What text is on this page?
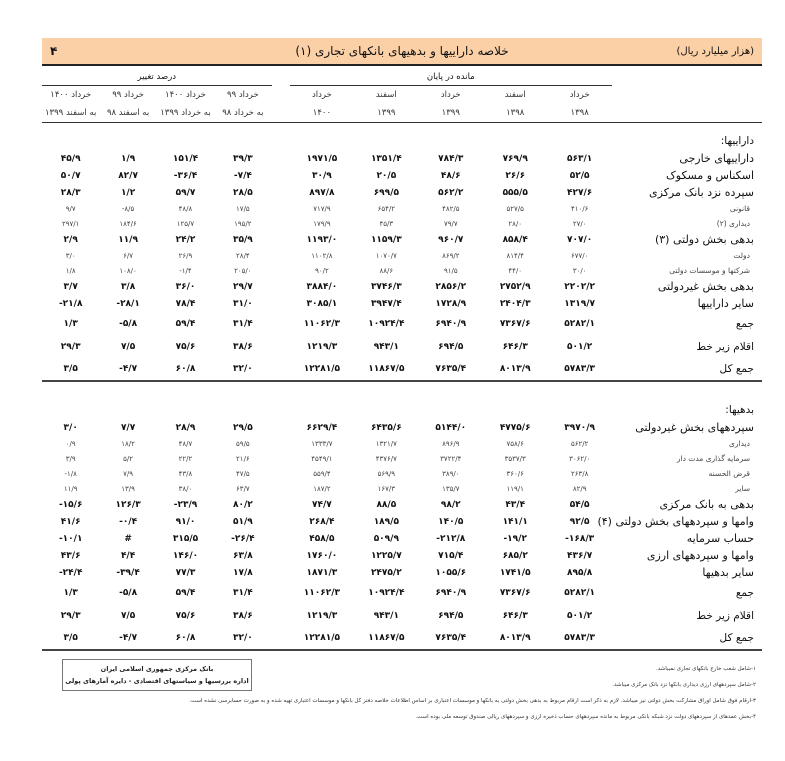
۴	خلاصه داراییها و بدهیهای بانکهای تجاری (۱)	(هزار میلیارد ریال)
درصد تغییر					مانده در پایان					

خرداد ۱۴۰۰	خرداد ۹۹	خرداد ۱۴۰۰	خرداد ۹۹		خرداد	اسفند	خرداد	اسفند	خرداد	
به اسفند ۱۳۹۹	به اسفند ۹۸	به خرداد ۱۳۹۹	به خرداد ۹۸		۱۴۰۰	۱۳۹۹	۱۳۹۹	۱۳۹۸	۱۳۹۸	

										داراییها:
۴۵/۹	۱/۹	۱۵۱/۴	۳۹/۳		۱۹۷۱/۵	۱۳۵۱/۴	۷۸۴/۳	۷۶۹/۹	۵۶۳/۱	داراییهای خارجی
۵۰/۷	۸۲/۷	-۳۶/۴	-۷/۴		۳۰/۹	۲۰/۵	۴۸/۶	۲۶/۶	۵۲/۵	اسکناس و مسکوک
۲۸/۳	۱/۲	۵۹/۷	۲۸/۵		۸۹۷/۸	۶۹۹/۵	۵۶۲/۲	۵۵۵/۵	۴۲۷/۶	سپرده نزد بانک مرکزی
۹/۷	-۸/۵	۴۸/۸	۱۷/۵		۷۱۷/۹	۶۵۴/۲	۴۸۲/۵	۵۲۷/۵	۴۱۰/۶	قانونی
۲۹۷/۱	۱۸۴/۶	۱۲۵/۷	۱۹۵/۲		۱۷۹/۹	۴۵/۳	۷۹/۷	۲۸/۰	۲۷/۰	دیداری (۲)
۲/۹	۱۱/۹	۲۴/۲	۳۵/۹		۱۱۹۳/۰	۱۱۵۹/۳	۹۶۰/۷	۸۵۸/۴	۷۰۷/۰	بدهی بخش دولتی (۳)
۳/۰	۶/۷	۲۶/۹	۲۸/۴		۱۱۰۲/۸	۱۰۷۰/۷	۸۶۹/۲	۸۱۴/۴	۶۷۷/۰	دولت
۱/۸	۱۰۸/۰	-۱/۴	۲۰۵/۰		۹۰/۲	۸۸/۶	۹۱/۵	۴۴/۰	۳۰/۰	شرکتها و موسسات دولتی
۳/۷	۳/۸	۳۶/۰	۲۹/۷		۳۸۸۴/۰	۳۷۴۶/۳	۲۸۵۶/۲	۲۷۵۲/۹	۲۲۰۲/۲	بدهی بخش غیردولتی
-۲۱/۸	-۲۸/۱	۷۸/۴	۳۱/۰		۳۰۸۵/۱	۳۹۴۷/۴	۱۷۲۸/۹	۲۴۰۴/۳	۱۳۱۹/۷	سایر داراییها
۱/۳	-۵/۸	۵۹/۴	۳۱/۴		۱۱۰۶۲/۳	۱۰۹۲۴/۴	۶۹۴۰/۹	۷۳۶۷/۶	۵۲۸۲/۱	جمع
۲۹/۳	۷/۵	۷۵/۶	۳۸/۶		۱۲۱۹/۳	۹۴۳/۱	۶۹۴/۵	۶۴۶/۳	۵۰۱/۲	اقلام زیر خط
۳/۵	-۴/۷	۶۰/۸	۳۲/۰		۱۲۲۸۱/۵	۱۱۸۶۷/۵	۷۶۳۵/۴	۸۰۱۳/۹	۵۷۸۳/۳	جمع کل

										بدهیها:
۳/۰	۷/۷	۲۸/۹	۲۹/۵		۶۶۲۹/۴	۶۴۳۵/۶	۵۱۴۴/۰	۴۷۷۵/۶	۳۹۷۰/۹	سپردههای بخش غیردولتی
۰/۹	۱۸/۲	۴۸/۷	۵۹/۵		۱۳۳۳/۷	۱۳۲۱/۷	۸۹۶/۹	۷۵۸/۶	۵۶۲/۲	دیداری
۳/۹	۵/۲	۲۲/۲	۲۱/۶		۴۵۴۹/۱	۴۳۷۶/۷	۳۷۲۲/۴	۳۵۳۷/۳	۳۰۶۲/۰	سرمایه گذاری مدت دار
-۱/۸	۷/۹	۴۳/۸	۴۷/۵		۵۵۹/۴	۵۶۹/۹	۳۸۹/۰	۳۶۰/۶	۲۶۳/۸	قرض الحسنه
۱۱/۹	۱۳/۹	۳۸/۰	۶۳/۷		۱۸۷/۲	۱۶۷/۳	۱۳۵/۷	۱۱۹/۱	۸۲/۹	سایر
-۱۵/۶	۱۲۶/۳	-۲۳/۹	۸۰/۲		۷۴/۷	۸۸/۵	۹۸/۲	۴۳/۴	۵۴/۵	بدهی به بانک مرکزی
۴۱/۶	-۰/۴	۹۱/۰	۵۱/۹		۲۶۸/۴	۱۸۹/۵	۱۴۰/۵	۱۴۱/۱	۹۲/۵	وامها و سپردههای بخش دولتی (۴)
-۱۰/۱	#	۳۱۵/۵	-۲۶/۴		۴۵۸/۵	۵۰۹/۹	-۲۱۲/۸	-۱۹/۲	-۱۶۸/۳	حساب سرمایه
۴۳/۶	۴/۴	۱۴۶/۰	۶۳/۸		۱۷۶۰/۰	۱۲۲۵/۷	۷۱۵/۴	۶۸۵/۲	۴۳۶/۷	وامها و سپردههای ارزی
-۲۴/۴	-۳۹/۴	۷۷/۳	۱۷/۸		۱۸۷۱/۳	۲۴۷۵/۲	۱۰۵۵/۶	۱۷۴۱/۵	۸۹۵/۸	سایر بدهیها
۱/۳	-۵/۸	۵۹/۴	۳۱/۴		۱۱۰۶۲/۳	۱۰۹۲۴/۴	۶۹۴۰/۹	۷۳۶۷/۶	۵۲۸۲/۱	جمع
۲۹/۳	۷/۵	۷۵/۶	۳۸/۶		۱۲۱۹/۳	۹۴۳/۱	۶۹۴/۵	۶۴۶/۳	۵۰۱/۲	اقلام زیر خط
۳/۵	-۴/۷	۶۰/۸	۳۲/۰		۱۲۲۸۱/۵	۱۱۸۶۷/۵	۷۶۳۵/۴	۸۰۱۳/۹	۵۷۸۳/۳	جمع کل
بانک مرکزی جمهوری اسلامی ایران
اداره بررسیها و سیاستهای اقتصادی - دایره آمارهای پولی
۱-شامل شعب خارج بانکهای تجاری نمیباشد.
۲-شامل سپردههای ارزی دیداری بانکها نزد بانک مرکزی میباشد.
۳-ارقام فوق شامل اوراق مشارکت بخش دولتی نیز میباشد. لازم به ذکر است ارقام مربوط به بدهی بخش دولتی به بانکها و موسسات اعتباری بر اساس اطلاعات خلاصه دفتر کل بانکها و موسسات اعتباری تهیه شده و به صورت حسابرسی نشده است.
۴-بخش عمدهای از سپردههای دولت نزد شبکه بانکی مربوط به مانده سپردههای حساب ذخیره ارزی و سپردههای ریالی صندوق توسعه ملی بوده است.
